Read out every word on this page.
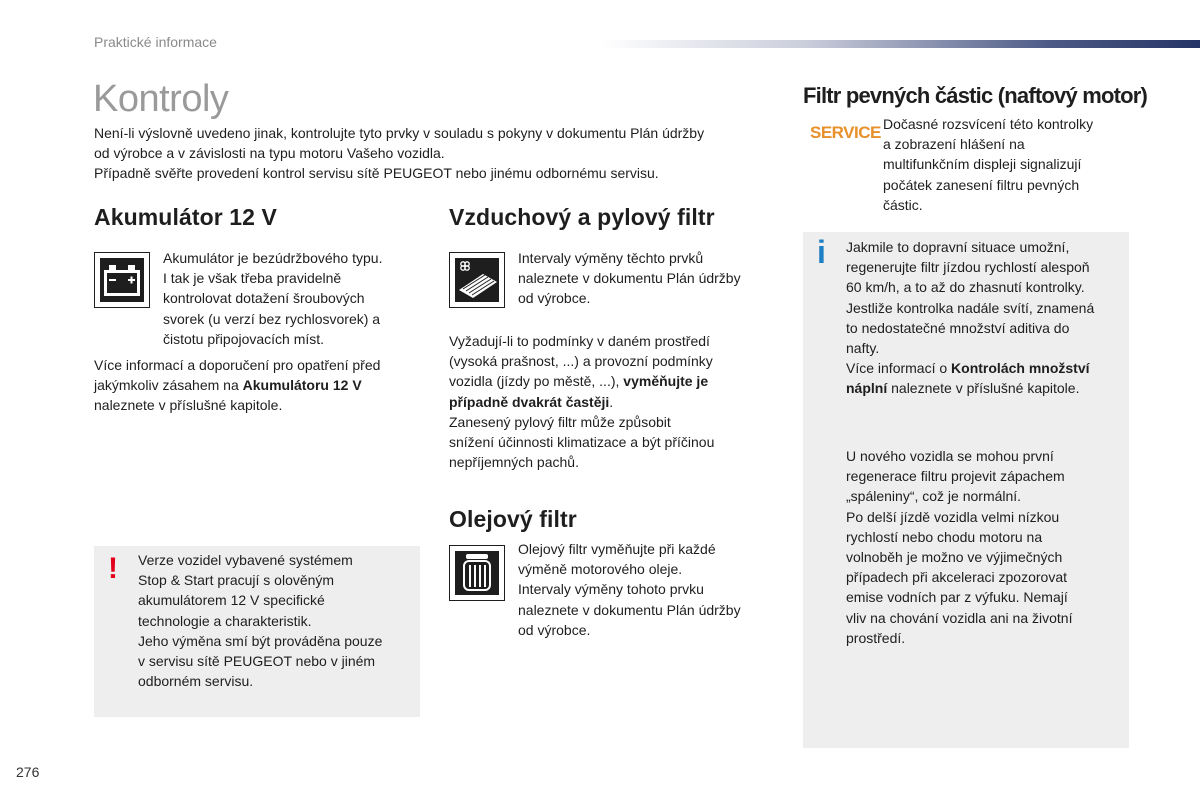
Praktické informace
Kontroly
Není-li výslovně uvedeno jinak, kontrolujte tyto prvky v souladu s pokyny v dokumentu Plán údržby
od výrobce a v závislosti na typu motoru Vašeho vozidla.
Případně svěřte provedení kontrol servisu sítě PEUGEOT nebo jinému odbornému servisu.
Akumulátor 12 V
Akumulátor je bezúdržbového typu.
I tak je však třeba pravidelně
kontrolovat dotažení šroubových
svorek (u verzí bez rychlosvorek) a
čistotu připojovacích míst.
Více informací a doporučení pro opatření před
jakýmkoliv zásahem na Akumulátoru 12 V
naleznete v příslušné kapitole.
! Verze vozidel vybavené systémem
Stop & Start pracují s olověným
akumulátorem 12 V specifické
technologie a charakteristik.
Jeho výměna smí být prováděna pouze
v servisu sítě PEUGEOT nebo v jiném
odborném servisu.
Vzduchový a pylový filtr
Intervaly výměny těchto prvků
naleznete v dokumentu Plán údržby
od výrobce.
Vyžadují-li to podmínky v daném prostředí
(vysoká prašnost, ...) a provozní podmínky
vozidla (jízdy po městě, ...), vyměňujte je
případně dvakrát častěji.
Zanesený pylový filtr může způsobit
snížení účinnosti klimatizace a být příčinou
nepříjemných pachů.
Olejový filtr
Olejový filtr vyměňujte při každé
výměně motorového oleje.
Intervaly výměny tohoto prvku
naleznete v dokumentu Plán údržby
od výrobce.
Filtr pevných částic (naftový motor)
SERVICE Dočasné rozsvícení této kontrolky
a zobrazení hlášení na
multifunkčním displeji signalizují
počátek zanesení filtru pevných
částic.
i Jakmile to dopravní situace umožní,
regenerujte filtr jízdou rychlostí alespoň
60 km/h, a to až do zhasnutí kontrolky.
Jestliže kontrolka nadále svítí, znamená
to nedostatečné množství aditiva do
nafty.
Více informací o Kontrolách množství
náplní naleznete v příslušné kapitole.
U nového vozidla se mohou první
regenerace filtru projevit zápachem
„spáleniny“, což je normální.
Po delší jízdě vozidla velmi nízkou
rychlostí nebo chodu motoru na
volnoběh je možno ve výjimečných
případech při akceleraci zpozorovat
emise vodních par z výfuku. Nemají
vliv na chování vozidla ani na životní
prostředí.
276
